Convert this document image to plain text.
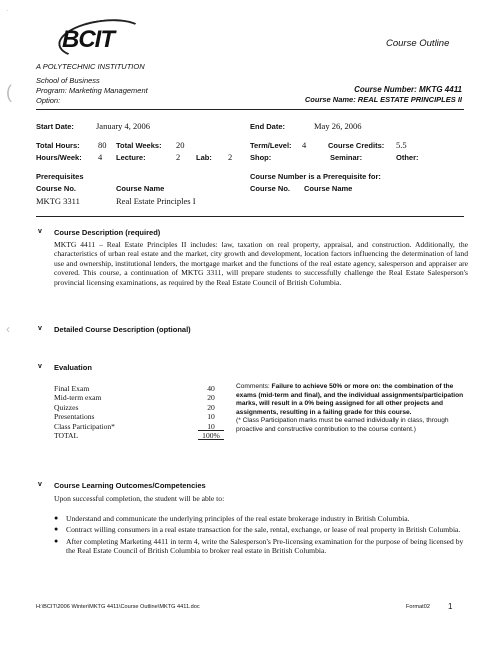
.
(
‹
BCIT
A POLYTECHNIC INSTITUTION
Course Outline
School of Business
Program: Marketing Management
Option:
Course Number: MKTG 4411
Course Name: REAL ESTATE PRINCIPLES II
Start Date:	January 4, 2006	End Date:	May 26, 2006
Total Hours: 80 Total Weeks: 20	Term/Level: 4	Course Credits: 5.5
Hours/Week: 4 Lecture:	2 Lab: 2 Shop:	Seminar:	Other:
Prerequisites
Course No.	Course Name
MKTG 3311	Real Estate Principles I
Course Number is a Prerequisite for:
Course No. Course Name
v Course Description (required)
MKTG 4411 – Real Estate Principles II includes: law, taxation on real property, appraisal, and construction. Additionally, the characteristics of urban real estate and the market, city growth and development, location factors influencing the determination of land use and ownership, institutional lenders, the mortgage market and the functions of the real estate agency, salesperson and appraiser are covered. This course, a continuation of MKTG 3311, will prepare students to successfully challenge the Real Estate Salesperson's provincial licensing examinations, as required by the Real Estate Council of British Columbia.
v Detailed Course Description (optional)
v Evaluation
Final Exam	40
Mid-term exam	20
Quizzes	20
Presentations	10
Class Participation*	10
TOTAL	100%
Comments: Failure to achieve 50% or more on: the combination of the exams (mid-term and final), and the individual assignments/participation marks, will result in a 0% being assigned for all other projects and assignments, resulting in a failing grade for this course.
(* Class Participation marks must be earned individually in class, through proactive and constructive contribution to the course content.)
v Course Learning Outcomes/Competencies
Upon successful completion, the student will be able to:
●	Understand and communicate the underlying principles of the real estate brokerage industry in British Columbia.
●	Contract willing consumers in a real estate transaction for the sale, rental, exchange, or lease of real property in British Columbia.
●	After completing Marketing 4411 in term 4, write the Salesperson's Pre-licensing examination for the purpose of being licensed by the Real Estate Council of British Columbia to broker real estate in British Columbia.
H:\BCIT\2006 Winter\MKTG 4411\Course Outline\MKTG 4411.doc	Format02 1
